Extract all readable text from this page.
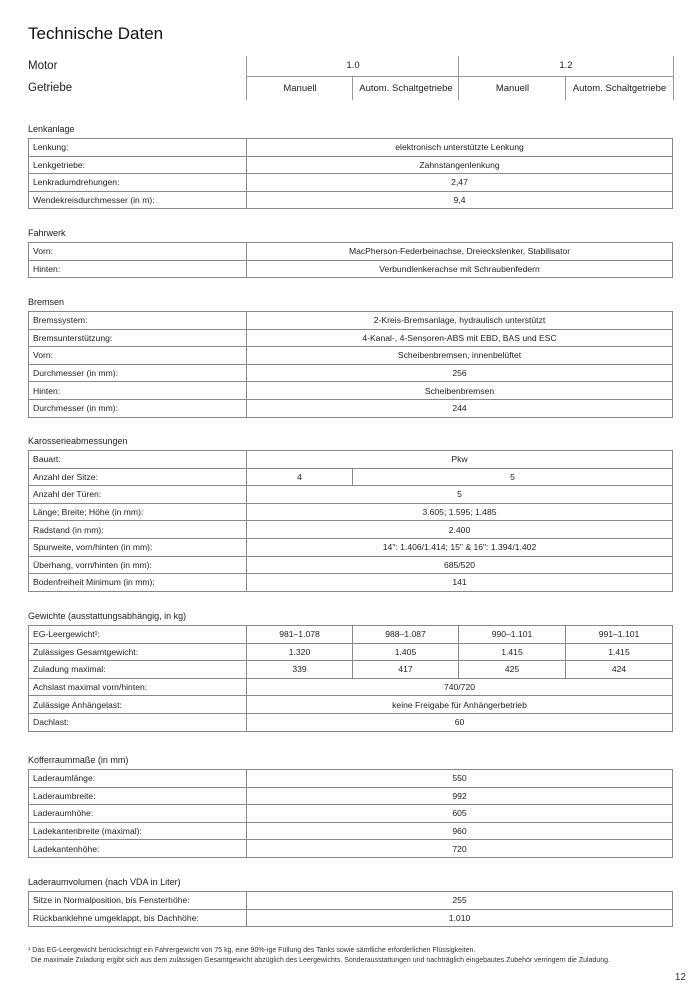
Technische Daten
Motor
Getriebe
1.0	1.2
Manuell	Autom. Schaltgetriebe	Manuell	Autom. Schaltgetriebe
Lenkanlage
Lenkung:	elektronisch unterstützte Lenkung
Lenkgetriebe:	Zahnstangenlenkung
Lenkradumdrehungen:	2,47
Wendekreisdurchmesser (in m):	9,4
Fahrwerk
Vorn:	MacPherson-Federbeinachse, Dreieckslenker, Stabilisator
Hinten:	Verbundlenkerachse mit Schraubenfedern
Bremsen
Bremssystem:	2-Kreis-Bremsanlage, hydraulisch unterstützt
Bremsunterstützung:	4-Kanal-, 4-Sensoren-ABS mit EBD, BAS und ESC
Vorn:	Scheibenbremsen, innenbelüftet
Durchmesser (in mm):	256
Hinten:	Scheibenbremsen
Durchmesser (in mm):	244
Karosserieabmessungen
Bauart:	Pkw	
Anzahl der Sitze:	4	5
Anzahl der Türen:	5	
Länge; Breite; Höhe (in mm):	3.605; 1.595; 1.485	
Radstand (in mm):	2.400	
Spurweite, vorn/hinten (in mm):	14": 1.406/1.414; 15" & 16": 1.394/1.402	
Überhang, vorn/hinten (in mm):	685/520	
Bodenfreiheit Minimum (in mm):	141	
Gewichte (ausstattungsabhängig, in kg)
EG-Leergewicht¹:	981–1.078	988–1.087	990–1.101	991–1.101
Zulässiges Gesamtgewicht:	1.320	1.405	1.415	1.415
Zuladung maximal:	339	417	425	424
Achslast maximal vorn/hinten:	740/720			
Zulässige Anhängelast:	keine Freigabe für Anhängerbetrieb			
Dachlast:	60			
Kofferraummaße (in mm)
Laderaumlänge:	550
Laderaumbreite:	992
Laderaumhöhe:	605
Ladekantenbreite (maximal):	960
Ladekantenhöhe:	720
Laderaumvolumen (nach VDA in Liter)
Sitze in Normalposition, bis Fensterhöhe:	255
Rückbanklehne umgeklappt, bis Dachhöhe:	1.010
¹ Das EG-Leergewicht berücksichtigt ein Fahrergewicht von 75 kg, eine 90%-ige Füllung des Tanks sowie sämtliche erforderlichen Flüssigkeiten.
Die maximale Zuladung ergibt sich aus dem zulässigen Gesamtgewicht abzüglich des Leergewichts. Sonderausstattungen und nachträglich eingebautes Zubehör verringern die Zuladung.
12
